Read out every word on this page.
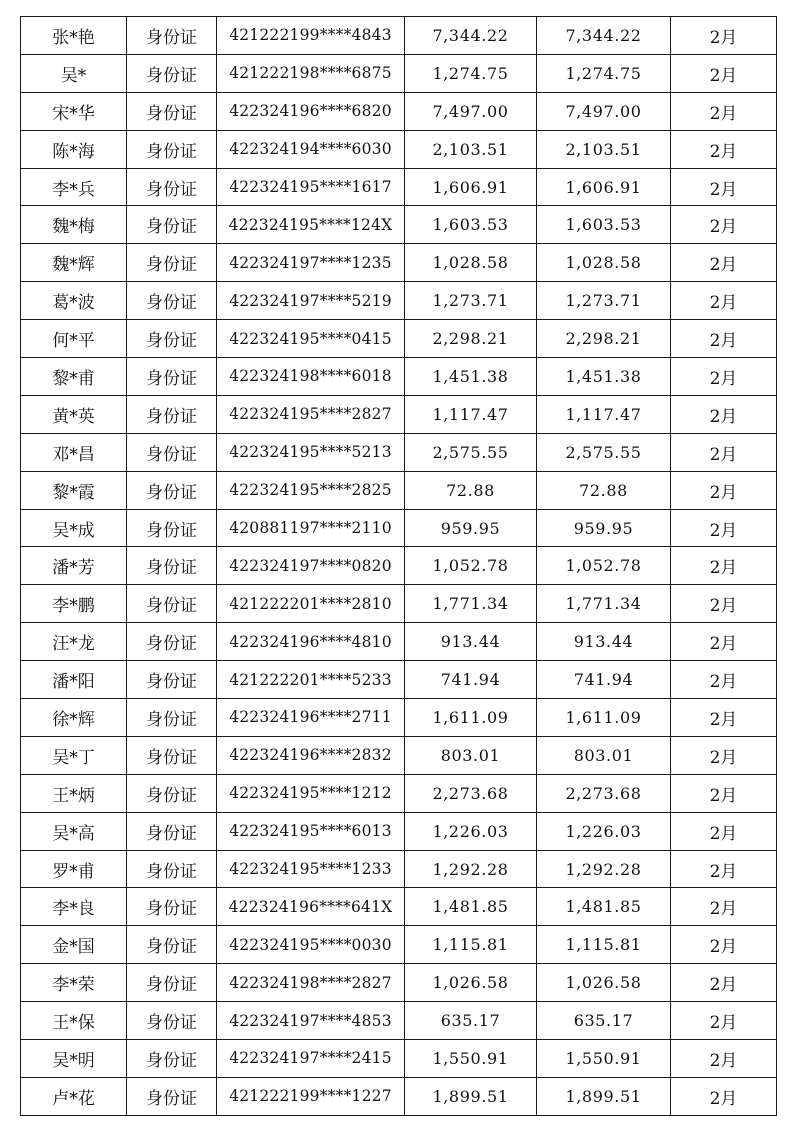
张*艳	身份证	421222199****4843	7,344.22	7,344.22	2月
吴*	身份证	421222198****6875	1,274.75	1,274.75	2月
宋*华	身份证	422324196****6820	7,497.00	7,497.00	2月
陈*海	身份证	422324194****6030	2,103.51	2,103.51	2月
李*兵	身份证	422324195****1617	1,606.91	1,606.91	2月
魏*梅	身份证	422324195****124X	1,603.53	1,603.53	2月
魏*辉	身份证	422324197****1235	1,028.58	1,028.58	2月
葛*波	身份证	422324197****5219	1,273.71	1,273.71	2月
何*平	身份证	422324195****0415	2,298.21	2,298.21	2月
黎*甫	身份证	422324198****6018	1,451.38	1,451.38	2月
黄*英	身份证	422324195****2827	1,117.47	1,117.47	2月
邓*昌	身份证	422324195****5213	2,575.55	2,575.55	2月
黎*霞	身份证	422324195****2825	72.88	72.88	2月
吴*成	身份证	420881197****2110	959.95	959.95	2月
潘*芳	身份证	422324197****0820	1,052.78	1,052.78	2月
李*鹏	身份证	421222201****2810	1,771.34	1,771.34	2月
汪*龙	身份证	422324196****4810	913.44	913.44	2月
潘*阳	身份证	421222201****5233	741.94	741.94	2月
徐*辉	身份证	422324196****2711	1,611.09	1,611.09	2月
吴*丁	身份证	422324196****2832	803.01	803.01	2月
王*炳	身份证	422324195****1212	2,273.68	2,273.68	2月
吴*高	身份证	422324195****6013	1,226.03	1,226.03	2月
罗*甫	身份证	422324195****1233	1,292.28	1,292.28	2月
李*良	身份证	422324196****641X	1,481.85	1,481.85	2月
金*国	身份证	422324195****0030	1,115.81	1,115.81	2月
李*荣	身份证	422324198****2827	1,026.58	1,026.58	2月
王*保	身份证	422324197****4853	635.17	635.17	2月
吴*明	身份证	422324197****2415	1,550.91	1,550.91	2月
卢*花	身份证	421222199****1227	1,899.51	1,899.51	2月
